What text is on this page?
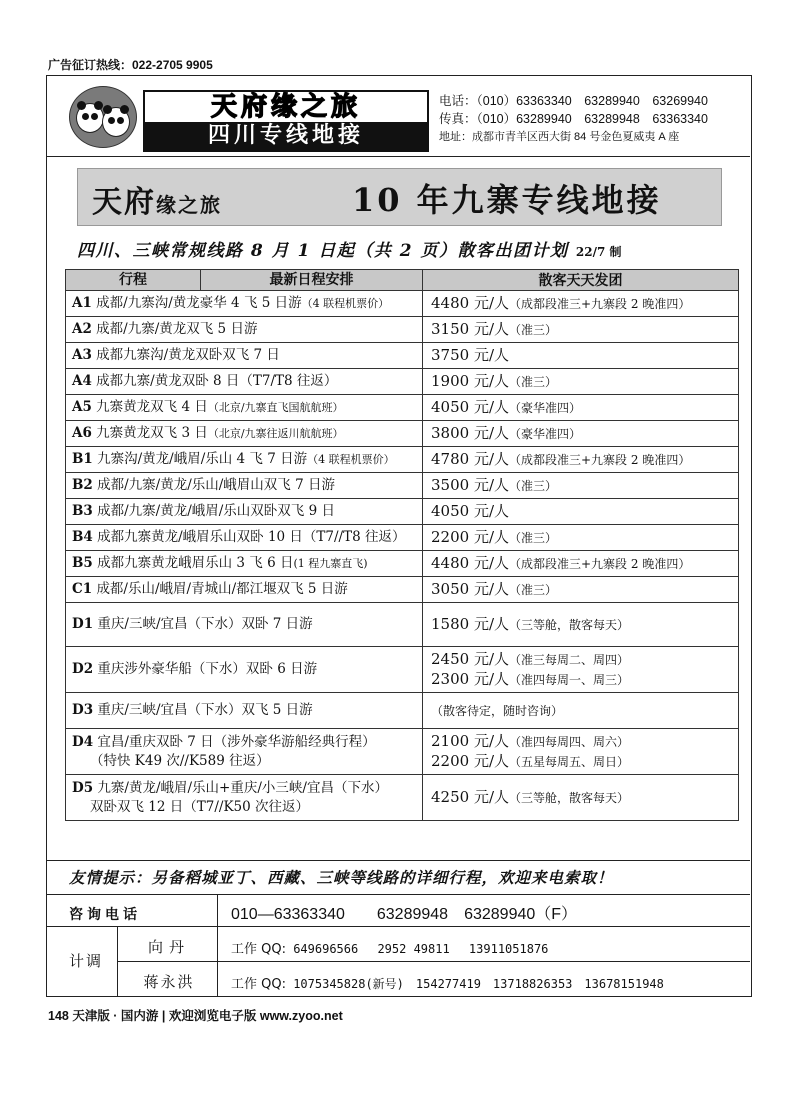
广告征订热线：022-2705 9905
天府缘之旅
四川专线地接
电话：（010）63363340　63289940　63269940
传真：（010）63289940　63289948　63363340
地址：成都市青羊区西大街 84 号金色夏威夷 A 座
天府缘之旅	10 年九寨专线地接
四川、三峡常规线路 8 月 1 日起（共 2 页）散客出团计划 22/7 制
行程 最新日程安排	散客天天发团

A1 成都/九寨沟/黄龙豪华 4 飞 5 日游（4 联程机票价）	4480 元/人（成都段准三+九寨段 2 晚准四）

A2 成都/九寨/黄龙双飞 5 日游	3150 元/人（准三）

A3 成都九寨沟/黄龙双卧双飞 7 日	3750 元/人

A4 成都九寨/黄龙双卧 8 日（T7/T8 往返）	1900 元/人（准三）

A5 九寨黄龙双飞 4 日（北京/九寨直飞国航航班）	4050 元/人（豪华准四）

A6 九寨黄龙双飞 3 日（北京/九寨往返川航航班）	3800 元/人（豪华准四）

B1 九寨沟/黄龙/峨眉/乐山 4 飞 7 日游（4 联程机票价）	4780 元/人（成都段准三+九寨段 2 晚准四）

B2 成都/九寨/黄龙/乐山/峨眉山双飞 7 日游	3500 元/人（准三）

B3 成都/九寨/黄龙/峨眉/乐山双卧双飞 9 日	4050 元/人

B4 成都九寨黄龙/峨眉乐山双卧 10 日（T7//T8 往返）	2200 元/人（准三）

B5 成都九寨黄龙峨眉乐山 3 飞 6 日(1 程九寨直飞)	4480 元/人（成都段准三+九寨段 2 晚准四）

C1 成都/乐山/峨眉/青城山/都江堰双飞 5 日游	3050 元/人（准三）

D1 重庆/三峡/宜昌（下水）双卧 7 日游	1580 元/人（三等舱，散客每天）

D2 重庆涉外豪华船（下水）双卧 6 日游	2450 元/人（准三每周二、周四）
2300 元/人（准四每周一、周三）

D3 重庆/三峡/宜昌（下水）双飞 5 日游	（散客待定，随时咨询）

D4 宜昌/重庆双卧 7 日（涉外豪华游船经典行程）
（特快 K49 次//K589 往返）	2100 元/人（准四每周四、周六）
2200 元/人（五星每周五、周日）

D5 九寨/黄龙/峨眉/乐山+重庆/小三峡/宜昌（下水）
双卧双飞 12 日（T7//K50 次往返）	4250 元/人（三等舱，散客每天）
友情提示：另备稻城亚丁、西藏、三峡等线路的详细行程，欢迎来电索取！
咨询电话	010—63363340　　63289948　63289940（F）
计调
向丹	工作 QQ: 649696566　 2952 49811　 13911051876
蒋永洪	工作 QQ: 1075345828(新号)　154277419　13718826353　13678151948
148 天津版 · 国内游 | 欢迎浏览电子版 www.zyoo.net
